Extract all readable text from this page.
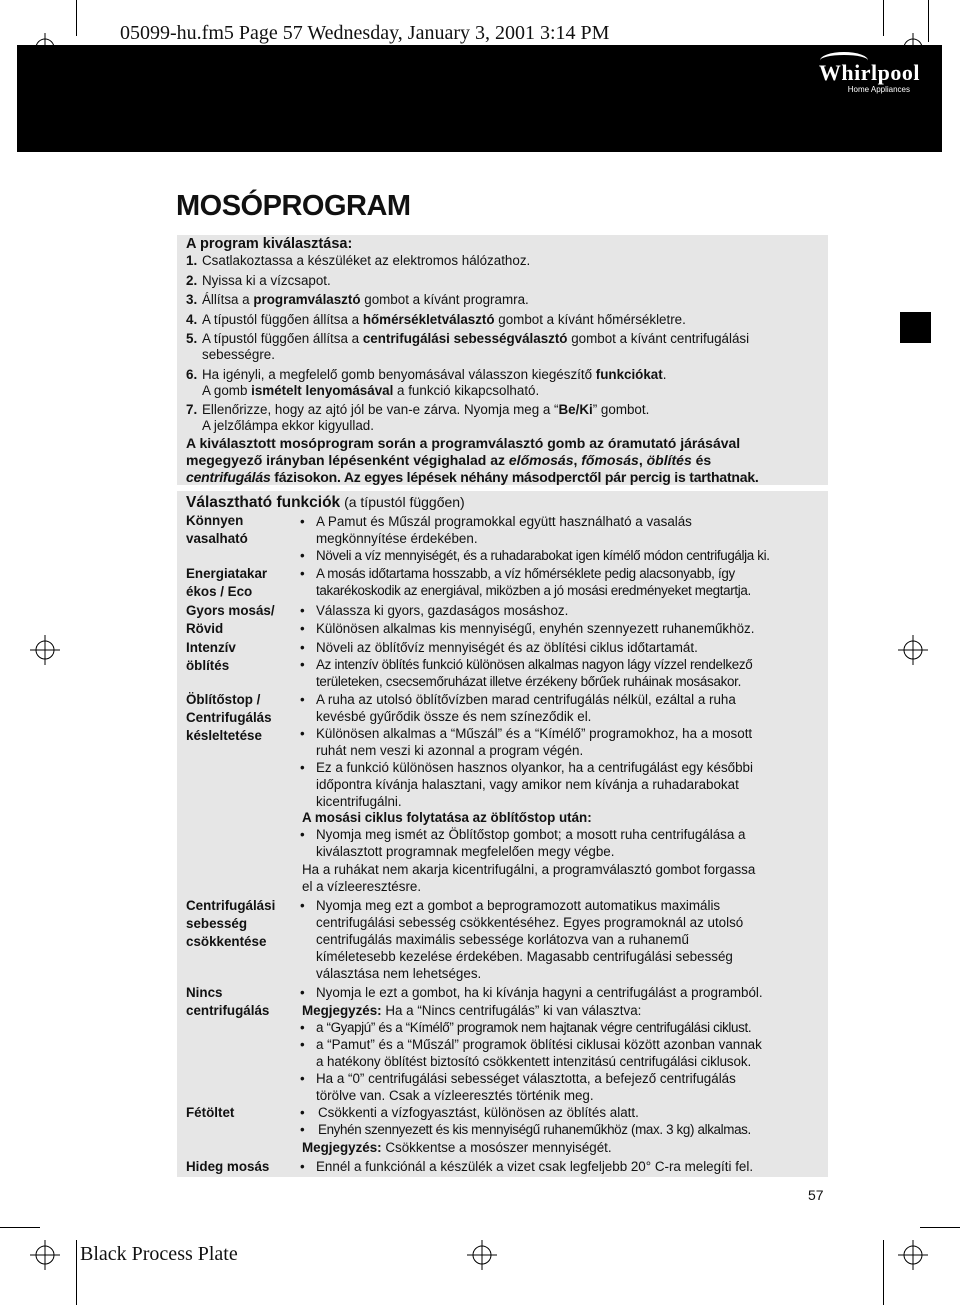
05099-hu.fm5 Page 57 Wednesday, January 3, 2001 3:14 PM
Whirlpool
Home Appliances
MOSÓPROGRAM
A program kiválasztása:
1. Csatlakoztassa a készüléket az elektromos hálózathoz.
2. Nyissa ki a vízcsapot.
3. Állítsa a programválasztó gombot a kívánt programra.
4. A típustól függően állítsa a hőmérsékletválasztó gombot a kívánt hőmérsékletre.
5. A típustól függően állítsa a centrifugálási sebességválasztó gombot a kívánt centrifugálási
sebességre.
6. Ha igényli, a megfelelő gomb benyomásával válasszon kiegészítő funkciókat.
A gomb ismételt lenyomásával a funkció kikapcsolható.
7. Ellenőrizze, hogy az ajtó jól be van-e zárva. Nyomja meg a “Be/Ki” gombot.
A jelzőlámpa ekkor kigyullad.
A kiválasztott mosóprogram során a programválasztó gomb az óramutató járásával
megegyező irányban lépésenként végighalad az előmosás, főmosás, öblítés és
centrifugálás fázisokon. Az egyes lépések néhány másodperctől pár percig is tarthatnak.
Választható funkciók (a típustól függően)
Könnyen
vasalható
• A Pamut és Műszál programokkal együtt használható a vasalás
megkönnyítése érdekében.
• Növeli a víz mennyiségét, és a ruhadarabokat igen kímélő módon centrifugálja ki.
Energiatakar
ékos / Eco
• A mosás időtartama hosszabb, a víz hőmérséklete pedig alacsonyabb, így
takarékoskodik az energiával, miközben a jó mosási eredményeket megtartja.
Gyors mosás/
Rövid
• Válassza ki gyors, gazdaságos mosáshoz.
• Különösen alkalmas kis mennyiségű, enyhén szennyezett ruhaneműkhöz.
Intenzív
öblítés
• Növeli az öblítővíz mennyiségét és az öblítési ciklus időtartamát.
• Az intenzív öblítés funkció különösen alkalmas nagyon lágy vízzel rendelkező
területeken, csecsemőruházat illetve érzékeny bőrűek ruháinak mosásakor.
Öblítőstop /
Centrifugálás
késleltetése
• A ruha az utolsó öblítővízben marad centrifugálás nélkül, ezáltal a ruha
kevésbé gyűrődik össze és nem színeződik el.
• Különösen alkalmas a “Műszál” és a “Kímélő” programokhoz, ha a mosott
ruhát nem veszi ki azonnal a program végén.
• Ez a funkció különösen hasznos olyankor, ha a centrifugálást egy későbbi
időpontra kívánja halasztani, vagy amikor nem kívánja a ruhadarabokat
kicentrifugálni.
A mosási ciklus folytatása az öblítőstop után:
• Nyomja meg ismét az Öblítőstop gombot; a mosott ruha centrifugálása a
kiválasztott programnak megfelelően megy végbe.
Ha a ruhákat nem akarja kicentrifugálni, a programválasztó gombot forgassa
el a vízleeresztésre.
Centrifugálási
sebesség
csökkentése
• Nyomja meg ezt a gombot a beprogramozott automatikus maximális
centrifugálási sebesség csökkentéséhez. Egyes programoknál az utolsó
centrifugálás maximális sebessége korlátozva van a ruhanemű
kíméletesebb kezelése érdekében. Magasabb centrifugálási sebesség
választása nem lehetséges.
Nincs
centrifugálás
• Nyomja le ezt a gombot, ha ki kívánja hagyni a centrifugálást a programból.
Megjegyzés: Ha a “Nincs centrifugálás” ki van választva:
• a “Gyapjú” és a “Kímélő” programok nem hajtanak végre centrifugálási ciklust.
• a “Pamut” és a “Műszál” programok öblítési ciklusai között azonban vannak
a hatékony öblítést biztosító csökkentett intenzitású centrifugálási ciklusok.
• Ha a “0” centrifugálási sebességet választotta, a befejező centrifugálás
törölve van. Csak a vízleeresztés történik meg.
Fétöltet	• Csökkenti a vízfogyasztást, különösen az öblítés alatt.
• Enyhén szennyezett és kis mennyiségű ruhaneműkhöz (max. 3 kg) alkalmas.
Megjegyzés: Csökkentse a mosószer mennyiségét.
Hideg mosás • Ennél a funkciónál a készülék a vizet csak legfeljebb 20° C-ra melegíti fel.
57
Black Process Plate
